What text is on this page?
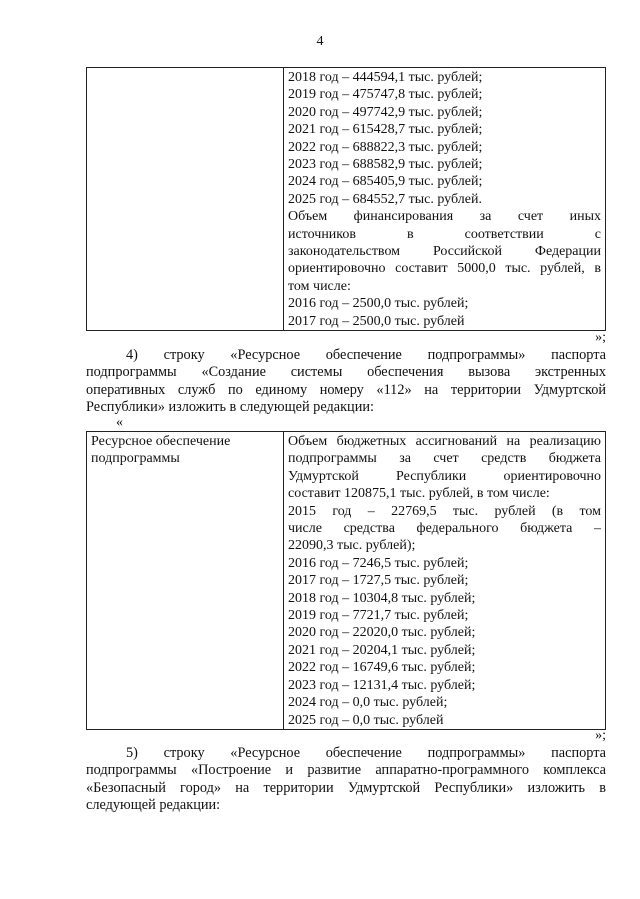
4

2018 год – 444594,1 тыс. рублей;
2019 год – 475747,8 тыс. рублей;
2020 год – 497742,9 тыс. рублей;
2021 год – 615428,7 тыс. рублей;
2022 год – 688822,3 тыс. рублей;
2023 год – 688582,9 тыс. рублей;
2024 год – 685405,9 тыс. рублей;
2025 год – 684552,7 тыс. рублей.
Объем финансирования за счет иных
источников в соответствии с
законодательством Российской Федерации
ориентировочно составит 5000,0 тыс. рублей, в
том числе:
2016 год – 2500,0 тыс. рублей;
2017 год – 2500,0 тыс. рублей
»;
4) строку «Ресурсное обеспечение подпрограммы» паспорта
подпрограммы «Создание системы обеспечения вызова экстренных
оперативных служб по единому номеру «112» на территории Удмуртской
Республики» изложить в следующей редакции:
«
Ресурсное обеспечение подпрограммы	
Объем бюджетных ассигнований на реализацию
подпрограммы за счет средств бюджета
Удмуртской Республики ориентировочно
составит 120875,1 тыс. рублей, в том числе:
2015 год – 22769,5 тыс. рублей (в том
числе средства федерального бюджета –
22090,3 тыс. рублей);
2016 год – 7246,5 тыс. рублей;
2017 год – 1727,5 тыс. рублей;
2018 год – 10304,8 тыс. рублей;
2019 год – 7721,7 тыс. рублей;
2020 год – 22020,0 тыс. рублей;
2021 год – 20204,1 тыс. рублей;
2022 год – 16749,6 тыс. рублей;
2023 год – 12131,4 тыс. рублей;
2024 год – 0,0 тыс. рублей;
2025 год – 0,0 тыс. рублей
»;
5) строку «Ресурсное обеспечение подпрограммы» паспорта
подпрограммы «Построение и развитие аппаратно-программного комплекса
«Безопасный город» на территории Удмуртской Республики» изложить в
следующей редакции:
